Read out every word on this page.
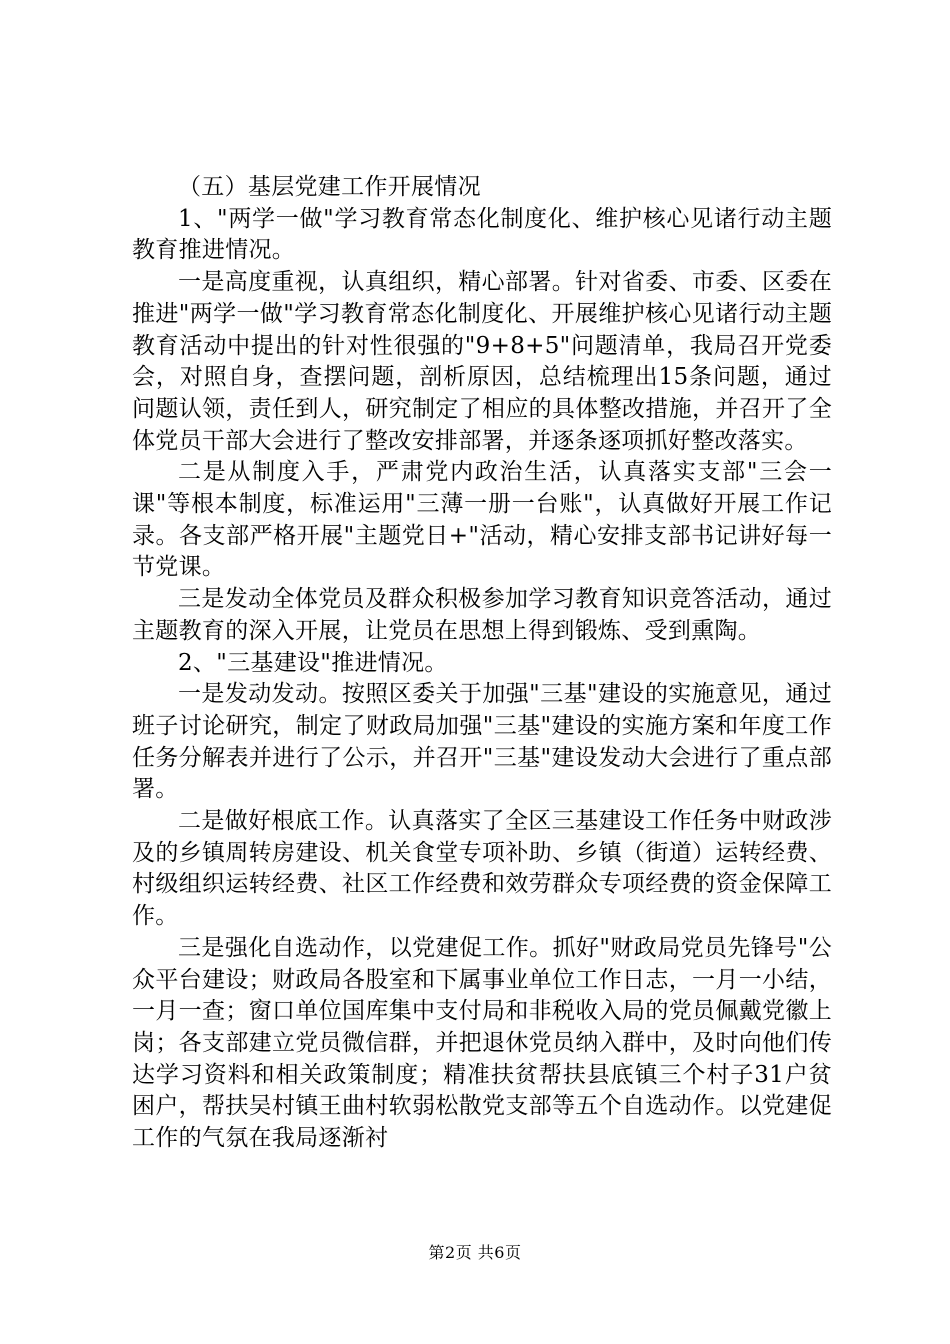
（五）基层党建工作开展情况

1、"两学一做"学习教育常态化制度化、维护核心见诸行动主题教育推进情况。

一是高度重视，认真组织，精心部署。针对省委、市委、区委在推进"两学一做"学习教育常态化制度化、开展维护核心见诸行动主题教育活动中提出的针对性很强的"9+8+5"问题清单，我局召开党委会，对照自身，查摆问题，剖析原因，总结梳理出15条问题，通过问题认领，责任到人，研究制定了相应的具体整改措施，并召开了全体党员干部大会进行了整改安排部署，并逐条逐项抓好整改落实。

二是从制度入手，严肃党内政治生活，认真落实支部"三会一课"等根本制度，标准运用"三薄一册一台账"，认真做好开展工作记录。各支部严格开展"主题党日+"活动，精心安排支部书记讲好每一节党课。

三是发动全体党员及群众积极参加学习教育知识竞答活动，通过主题教育的深入开展，让党员在思想上得到锻炼、受到熏陶。

2、"三基建设"推进情况。

一是发动发动。按照区委关于加强"三基"建设的实施意见，通过班子讨论研究，制定了财政局加强"三基"建设的实施方案和年度工作任务分解表并进行了公示，并召开"三基"建设发动大会进行了重点部署。

二是做好根底工作。认真落实了全区三基建设工作任务中财政涉及的乡镇周转房建设、机关食堂专项补助、乡镇（街道）运转经费、村级组织运转经费、社区工作经费和效劳群众专项经费的资金保障工作。

三是强化自选动作，以党建促工作。抓好"财政局党员先锋号"公众平台建设；财政局各股室和下属事业单位工作日志，一月一小结，一月一查；窗口单位国库集中支付局和非税收入局的党员佩戴党徽上岗；各支部建立党员微信群，并把退休党员纳入群中，及时向他们传达学习资料和相关政策制度；精准扶贫帮扶县底镇三个村子31户贫困户，帮扶吴村镇王曲村软弱松散党支部等五个自选动作。以党建促工作的气氛在我局逐渐衬

第2页 共6页
